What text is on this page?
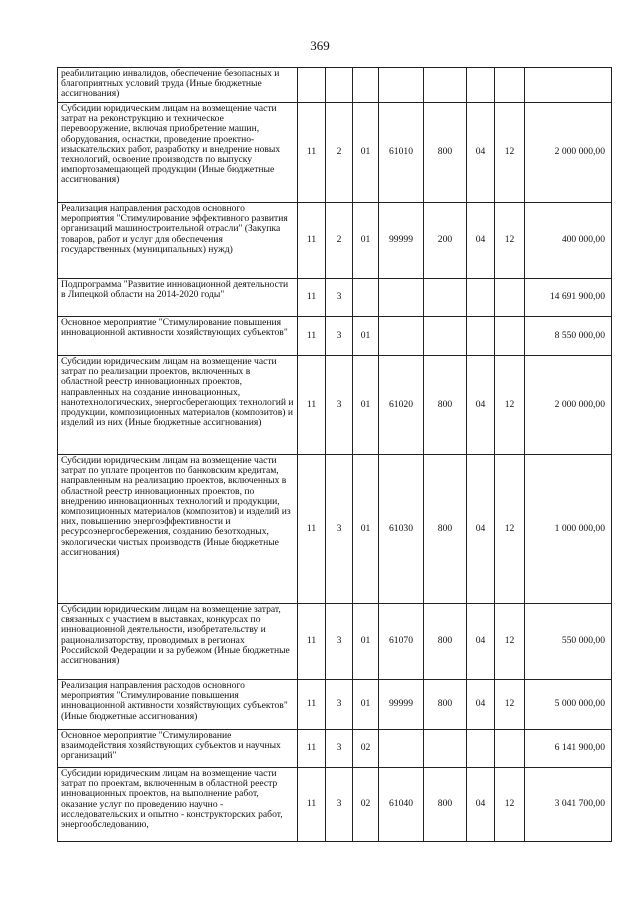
369
реабилитацию инвалидов, обеспечение безопасных и благоприятных условий труда (Иные бюджетные ассигнования)								
Субсидии юридическим лицам на возмещение части затрат на реконструкцию и техническое перевооружение, включая приобретение машин, оборудования, оснастки, проведение проектно-изыскательских работ, разработку и внедрение новых технологий, освоение производств по выпуску импортозамещающей продукции (Иные бюджетные ассигнования)	11	2	01	61010	800	04	12	2 000 000,00
Реализация направления расходов основного мероприятия "Стимулирование эффективного развития организаций машиностроительной отрасли" (Закупка товаров, работ и услуг для обеспечения государственных (муниципальных) нужд)	11	2	01	99999	200	04	12	400 000,00
Подпрограмма "Развитие инновационной деятельности в Липецкой области на 2014-2020 годы"	11	3						14 691 900,00
Основное мероприятие "Стимулирование повышения инновационной активности хозяйствующих субъектов"	11	3	01					8 550 000,00
Субсидии юридическим лицам на возмещение части затрат по реализации проектов, включенных в областной реестр инновационных проектов, направленных на создание инновационных, нанотехнологических, энергосберегающих технологий и продукции, композиционных материалов (композитов) и изделий из них (Иные бюджетные ассигнования)	11	3	01	61020	800	04	12	2 000 000,00
Субсидии юридическим лицам на возмещение части затрат по уплате процентов по банковским кредитам, направленным на реализацию проектов, включенных в областной реестр инновационных проектов, по внедрению инновационных технологий и продукции, композиционных материалов (композитов) и изделий из них, повышению энергоэффективности и ресурсоэнергосбережения, созданию безотходных, экологически чистых производств (Иные бюджетные ассигнования)	11	3	01	61030	800	04	12	1 000 000,00
Субсидии юридическим лицам на возмещение затрат, связанных с участием в выставках, конкурсах по инновационной деятельности, изобретательству и рационализаторству, проводимых в регионах Российской Федерации и за рубежом (Иные бюджетные ассигнования)	11	3	01	61070	800	04	12	550 000,00
Реализация направления расходов основного мероприятия "Стимулирование повышения инновационной активности хозяйствующих субъектов" (Иные бюджетные ассигнования)	11	3	01	99999	800	04	12	5 000 000,00
Основное мероприятие "Стимулирование взаимодействия хозяйствующих субъектов и научных организаций"	11	3	02					6 141 900,00
Субсидии юридическим лицам на возмещение части затрат по проектам, включенным в областной реестр инновационных проектов, на выполнение работ, оказание услуг по проведению научно - исследовательских и опытно - конструкторских работ, энергообследованию,	11	3	02	61040	800	04	12	3 041 700,00
